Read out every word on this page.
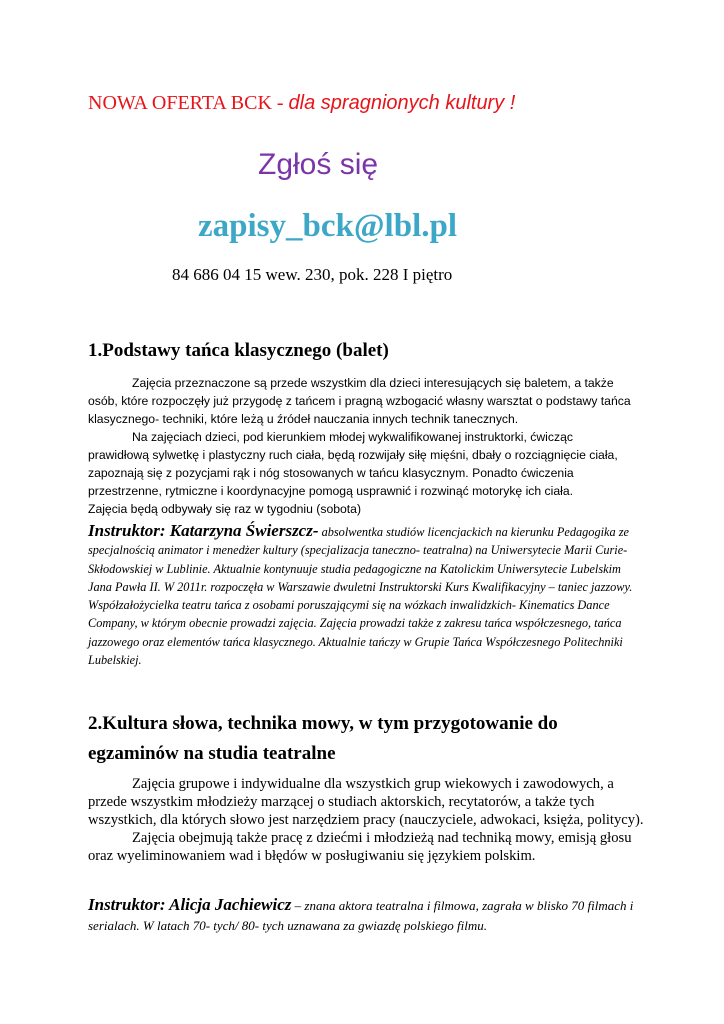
NOWA OFERTA BCK - dla spragnionych kultury !
Zgłoś się
zapisy_bck@lbl.pl
84 686 04 15 wew. 230, pok. 228 I piętro
1.Podstawy tańca klasycznego (balet)

Zajęcia przeznaczone są przede wszystkim dla dzieci interesujących się baletem, a także osób, które rozpoczęły już przygodę z tańcem i pragną wzbogacić własny warsztat o podstawy tańca klasycznego- techniki, które leżą u źródeł nauczania innych technik tanecznych.

Na zajęciach dzieci, pod kierunkiem młodej wykwalifikowanej instruktorki, ćwicząc prawidłową sylwetkę i plastyczny ruch ciała, będą rozwijały siłę mięśni, dbały o rozciągnięcie ciała, zapoznają się z pozycjami rąk i nóg stosowanych w tańcu klasycznym. Ponadto ćwiczenia przestrzenne, rytmiczne i koordynacyjne pomogą usprawnić i rozwinąć motorykę ich ciała.

Zajęcia będą odbywały się raz w tygodniu (sobota)
Instruktor: Katarzyna Świerszcz- absolwentka studiów licencjackich na kierunku Pedagogika ze specjalnością animator i menedżer kultury (specjalizacja taneczno- teatralna) na Uniwersytecie Marii Curie- Skłodowskiej w Lublinie. Aktualnie kontynuuje studia pedagogiczne na Katolickim Uniwersytecie Lubelskim Jana Pawła II. W 2011r. rozpoczęła w Warszawie dwuletni Instruktorski Kurs Kwalifikacyjny – taniec jazzowy. Współzałożycielka teatru tańca z osobami poruszającymi się na wózkach inwalidzkich- Kinematics Dance Company, w którym obecnie prowadzi zajęcia. Zajęcia prowadzi także z zakresu tańca współczesnego, tańca jazzowego oraz elementów tańca klasycznego. Aktualnie tańczy w Grupie Tańca Współczesnego Politechniki Lubelskiej.
2.Kultura słowa, technika mowy, w tym przygotowanie do egzaminów na studia teatralne

Zajęcia grupowe i indywidualne dla wszystkich grup wiekowych i zawodowych, a przede wszystkim młodzieży marzącej o studiach aktorskich, recytatorów, a także tych wszystkich, dla których słowo jest narzędziem pracy (nauczyciele, adwokaci, księża, politycy).

Zajęcia obejmują także pracę z dziećmi i młodzieżą nad techniką mowy, emisją głosu oraz wyeliminowaniem wad i błędów w posługiwaniu się językiem polskim.

Instruktor: Alicja Jachiewicz – znana aktora teatralna i filmowa, zagrała w blisko 70 filmach i serialach. W latach 70- tych/ 80- tych uznawana za gwiazdę polskiego filmu.
